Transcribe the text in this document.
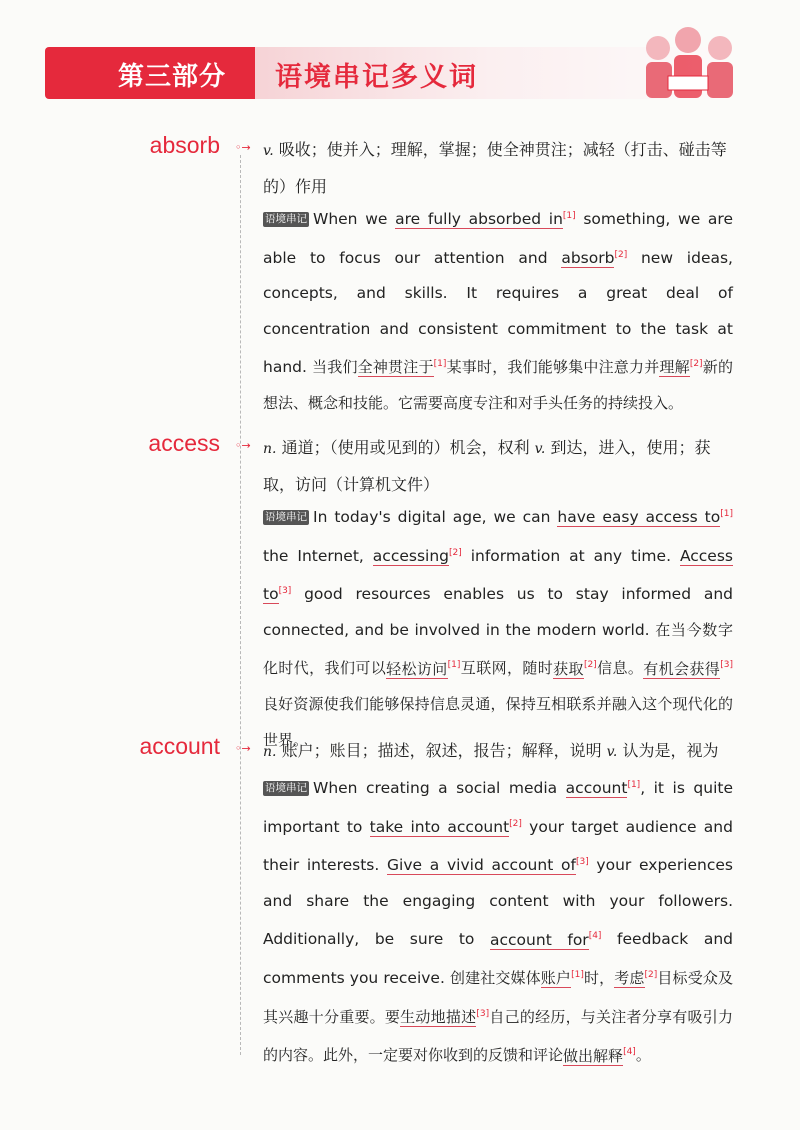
第三部分 语境串记多义词
absorb ◦→ v. 吸收；使并入；理解，掌握；使全神贯注；减轻（打击、碰击等的）作用
语境串记 When we are fully absorbed in[1] something, we are able to focus our attention and absorb[2] new ideas, concepts, and skills. It requires a great deal of concentration and consistent commitment to the task at hand. 当我们全神贯注于[1]某事时，我们能够集中注意力并理解[2]新的想法、概念和技能。它需要高度专注和对手头任务的持续投入。
access ◦→ n. 通道；（使用或见到的）机会，权利 v. 到达，进入，使用；获取，访问（计算机文件）
语境串记 In today's digital age, we can have easy access to[1] the Internet, accessing[2] information at any time. Access to[3] good resources enables us to stay informed and connected, and be involved in the modern world. 在当今数字化时代，我们可以轻松访问[1]互联网，随时获取[2]信息。有机会获得[3]良好资源使我们能够保持信息灵通，保持互相联系并融入这个现代化的世界。
account ◦→ n. 账户；账目；描述，叙述，报告；解释，说明 v. 认为是，视为
语境串记 When creating a social media account[1], it is quite important to take into account[2] your target audience and their interests. Give a vivid account of[3] your experiences and share the engaging content with your followers. Additionally, be sure to account for[4] feedback and comments you receive. 创建社交媒体账户[1]时，考虑[2]目标受众及其兴趣十分重要。要生动地描述[3]自己的经历，与关注者分享有吸引力的内容。此外，一定要对你收到的反馈和评论做出解释[4]。
